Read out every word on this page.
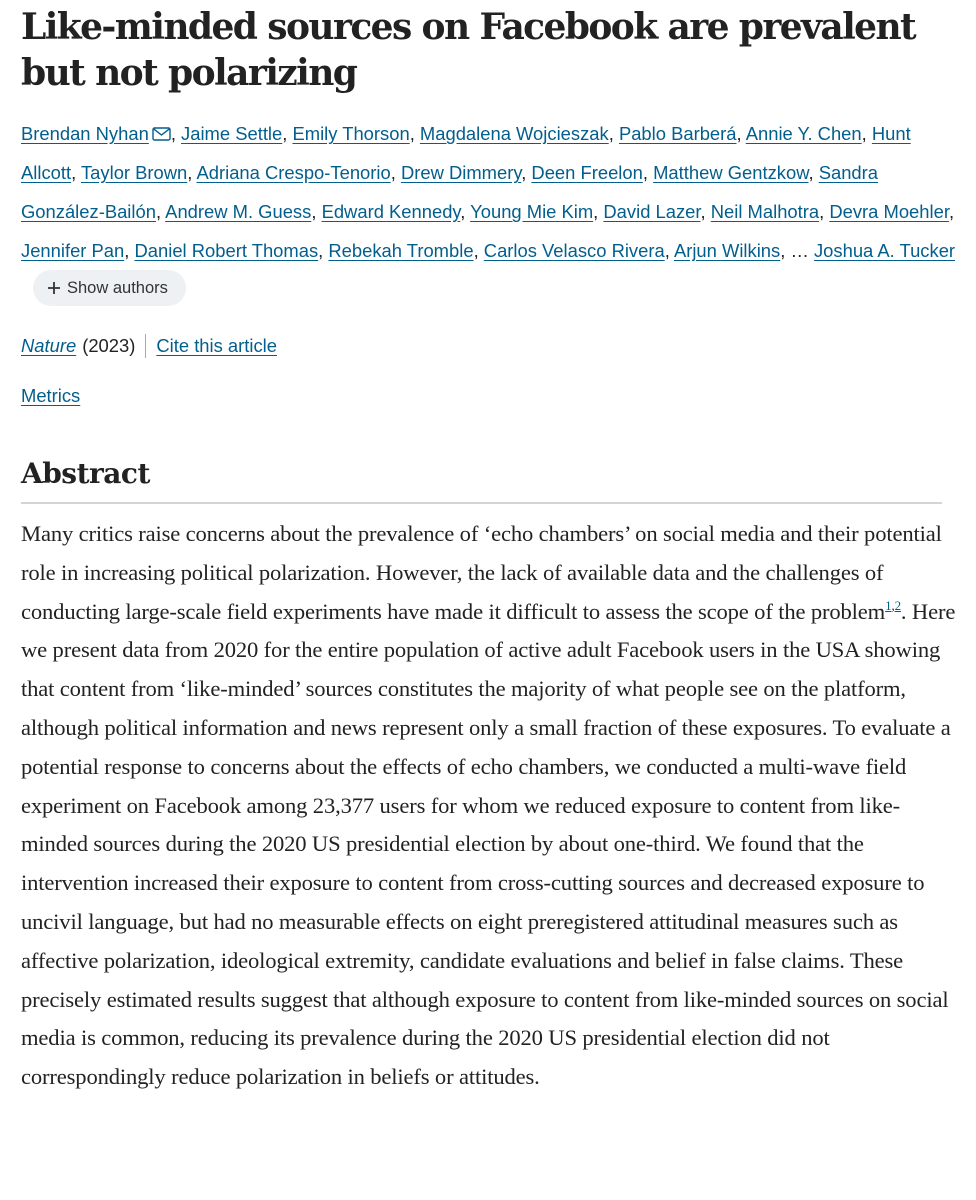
Like-minded sources on Facebook are prevalent but not polarizing
Brendan Nyhan , Jaime Settle, Emily Thorson, Magdalena Wojcieszak, Pablo Barberá, Annie Y. Chen, Hunt Allcott, Taylor Brown, Adriana Crespo-Tenorio, Drew Dimmery, Deen Freelon, Matthew Gentzkow, Sandra González-Bailón, Andrew M. Guess, Edward Kennedy, Young Mie Kim, David Lazer, Neil Malhotra, Devra Moehler, Jennifer Pan, Daniel Robert Thomas, Rebekah Tromble, Carlos Velasco Rivera, Arjun Wilkins, … Joshua A. Tucker
Show authors
Nature (2023) Cite this article
Metrics
Abstract

Many critics raise concerns about the prevalence of ‘echo chambers’ on social media and their potential role in increasing political polarization. However, the lack of available data and the challenges of conducting large-scale field experiments have made it difficult to assess the scope of the problem$^{1,2}$. Here we present data from 2020 for the entire population of active adult Facebook users in the USA showing that content from ‘like-minded’ sources constitutes the majority of what people see on the platform, although political information and news represent only a small fraction of these exposures. To evaluate a potential response to concerns about the effects of echo chambers, we conducted a multi-wave field experiment on Facebook among 23,377 users for whom we reduced exposure to content from like-minded sources during the 2020 US presidential election by about one-third. We found that the intervention increased their exposure to content from cross-cutting sources and decreased exposure to uncivil language, but had no measurable effects on eight preregistered attitudinal measures such as affective polarization, ideological extremity, candidate evaluations and belief in false claims. These precisely estimated results suggest that although exposure to content from like-minded sources on social media is common, reducing its prevalence during the 2020 US presidential election did not correspondingly reduce polarization in beliefs or attitudes.
